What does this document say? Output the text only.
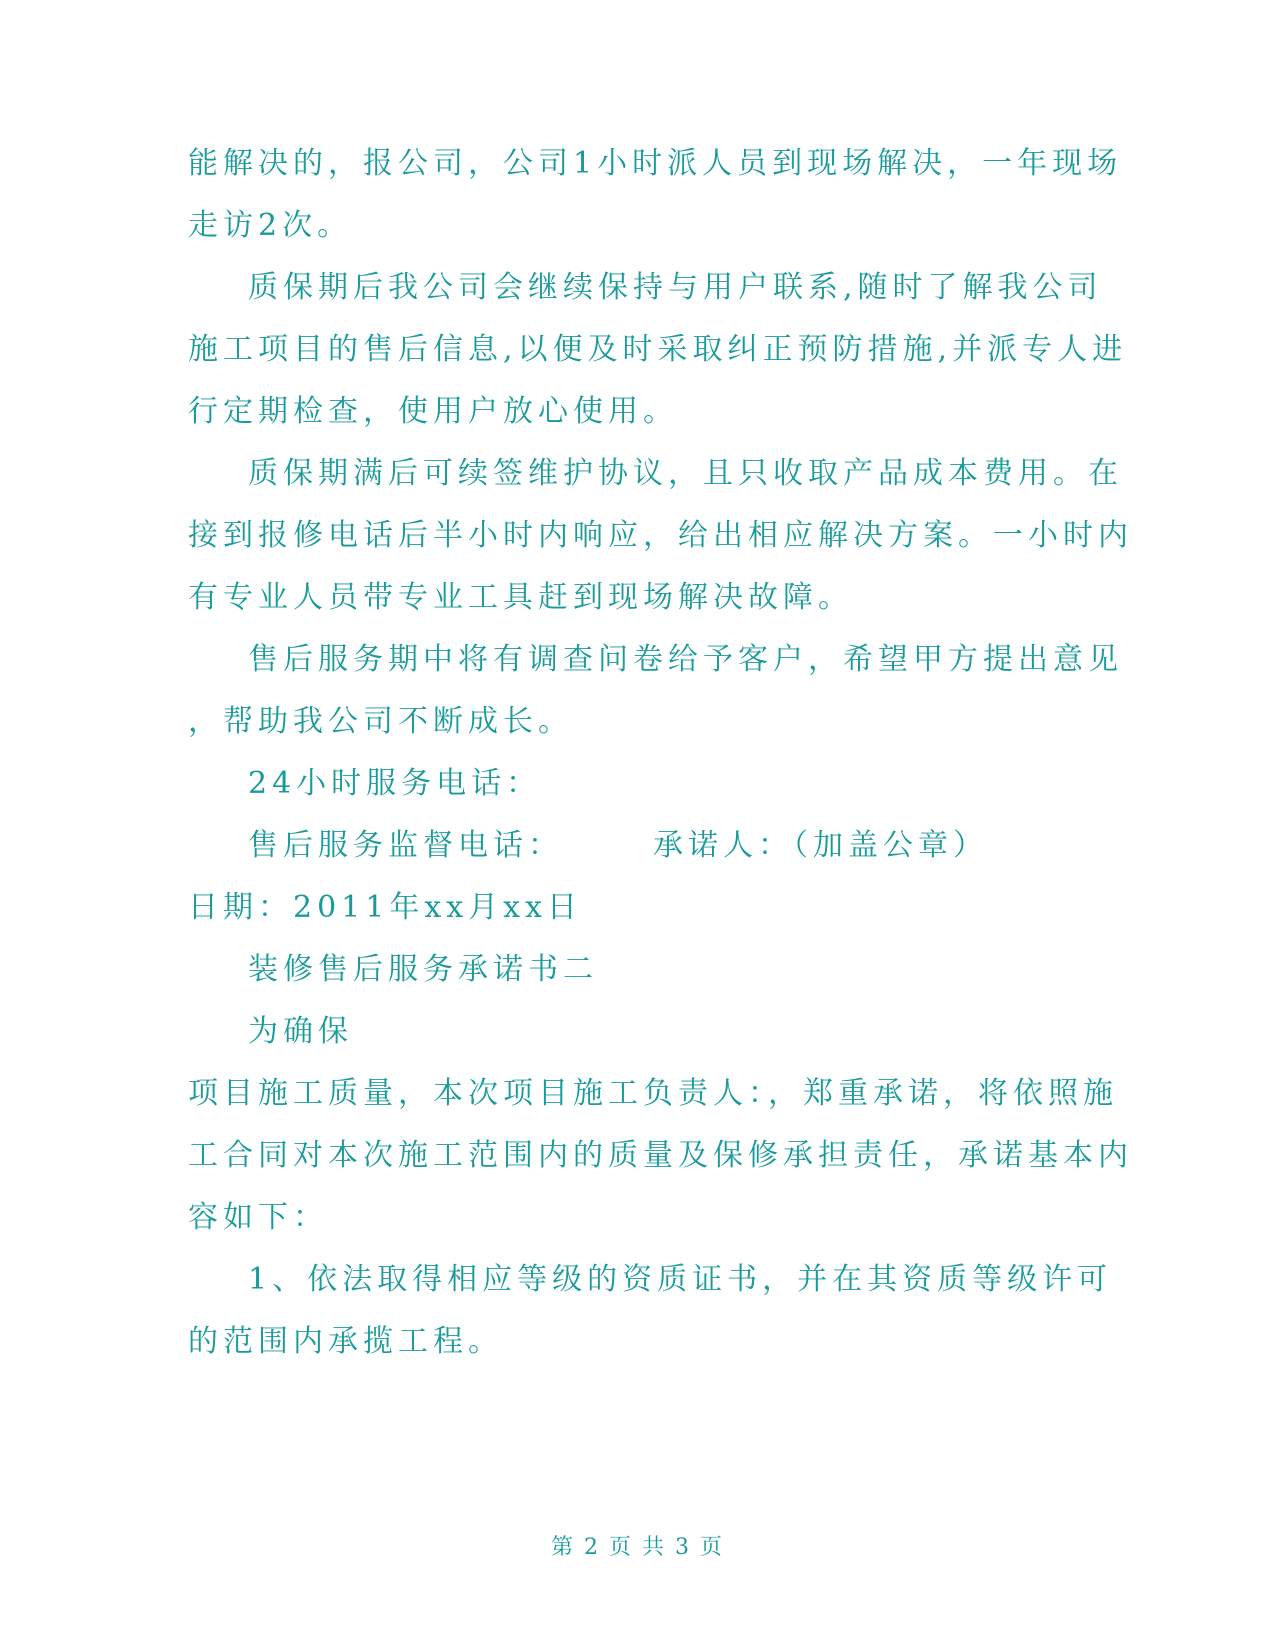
能解决的，报公司，公司1小时派人员到现场解决，一年现场
走访2次。
质保期后我公司会继续保持与用户联系,随时了解我公司
施工项目的售后信息,以便及时采取纠正预防措施,并派专人进
行定期检查，使用户放心使用。
质保期满后可续签维护协议，且只收取产品成本费用。在
接到报修电话后半小时内响应，给出相应解决方案。一小时内
有专业人员带专业工具赶到现场解决故障。
售后服务期中将有调查问卷给予客户，希望甲方提出意见
，帮助我公司不断成长。
24小时服务电话：
售后服务监督电话：　　　承诺人：（加盖公章）
日期：2011年xx月xx日
装修售后服务承诺书二
为确保
项目施工质量，本次项目施工负责人：，郑重承诺，将依照施
工合同对本次施工范围内的质量及保修承担责任，承诺基本内
容如下：
1、依法取得相应等级的资质证书，并在其资质等级许可
的范围内承揽工程。
第 2 页 共 3 页
